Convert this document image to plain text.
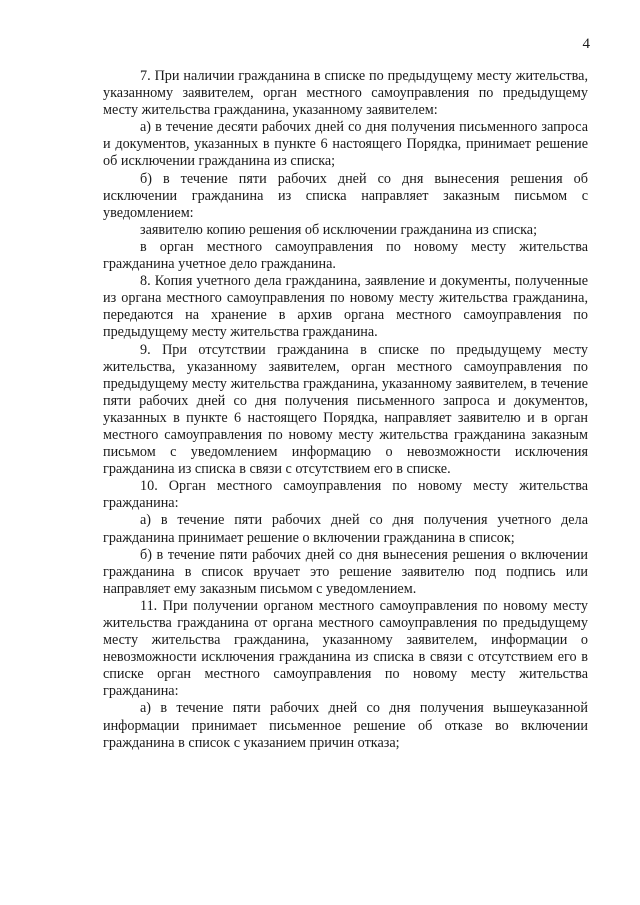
4

7. При наличии гражданина в списке по предыдущему месту жительства, указанному заявителем, орган местного самоуправления по предыдущему месту жительства гражданина, указанному заявителем:

а) в течение десяти рабочих дней со дня получения письменного запроса и документов, указанных в пункте 6 настоящего Порядка, принимает решение об исключении гражданина из списка;

б) в течение пяти рабочих дней со дня вынесения решения об исключении гражданина из списка направляет заказным письмом с уведомлением:

заявителю копию решения об исключении гражданина из списка;

в орган местного самоуправления по новому месту жительства гражданина учетное дело гражданина.

8. Копия учетного дела гражданина, заявление и документы, полученные из органа местного самоуправления по новому месту жительства гражданина, передаются на хранение в архив органа местного самоуправления по предыдущему месту жительства гражданина.

9. При отсутствии гражданина в списке по предыдущему месту жительства, указанному заявителем, орган местного самоуправления по предыдущему месту жительства гражданина, указанному заявителем, в течение пяти рабочих дней со дня получения письменного запроса и документов, указанных в пункте 6 настоящего Порядка, направляет заявителю и в орган местного самоуправления по новому месту жительства гражданина заказным письмом с уведомлением информацию о невозможности исключения гражданина из списка в связи с отсутствием его в списке.

10. Орган местного самоуправления по новому месту жительства гражданина:

а) в течение пяти рабочих дней со дня получения учетного дела гражданина принимает решение о включении гражданина в список;

б) в течение пяти рабочих дней со дня вынесения решения о включении гражданина в список вручает это решение заявителю под подпись или направляет ему заказным письмом с уведомлением.

11. При получении органом местного самоуправления по новому месту жительства гражданина от органа местного самоуправления по предыдущему месту жительства гражданина, указанному заявителем, информации о невозможности исключения гражданина из списка в связи с отсутствием его в списке орган местного самоуправления по новому месту жительства гражданина:

а) в течение пяти рабочих дней со дня получения вышеуказанной информации принимает письменное решение об отказе во включении гражданина в список с указанием причин отказа;
